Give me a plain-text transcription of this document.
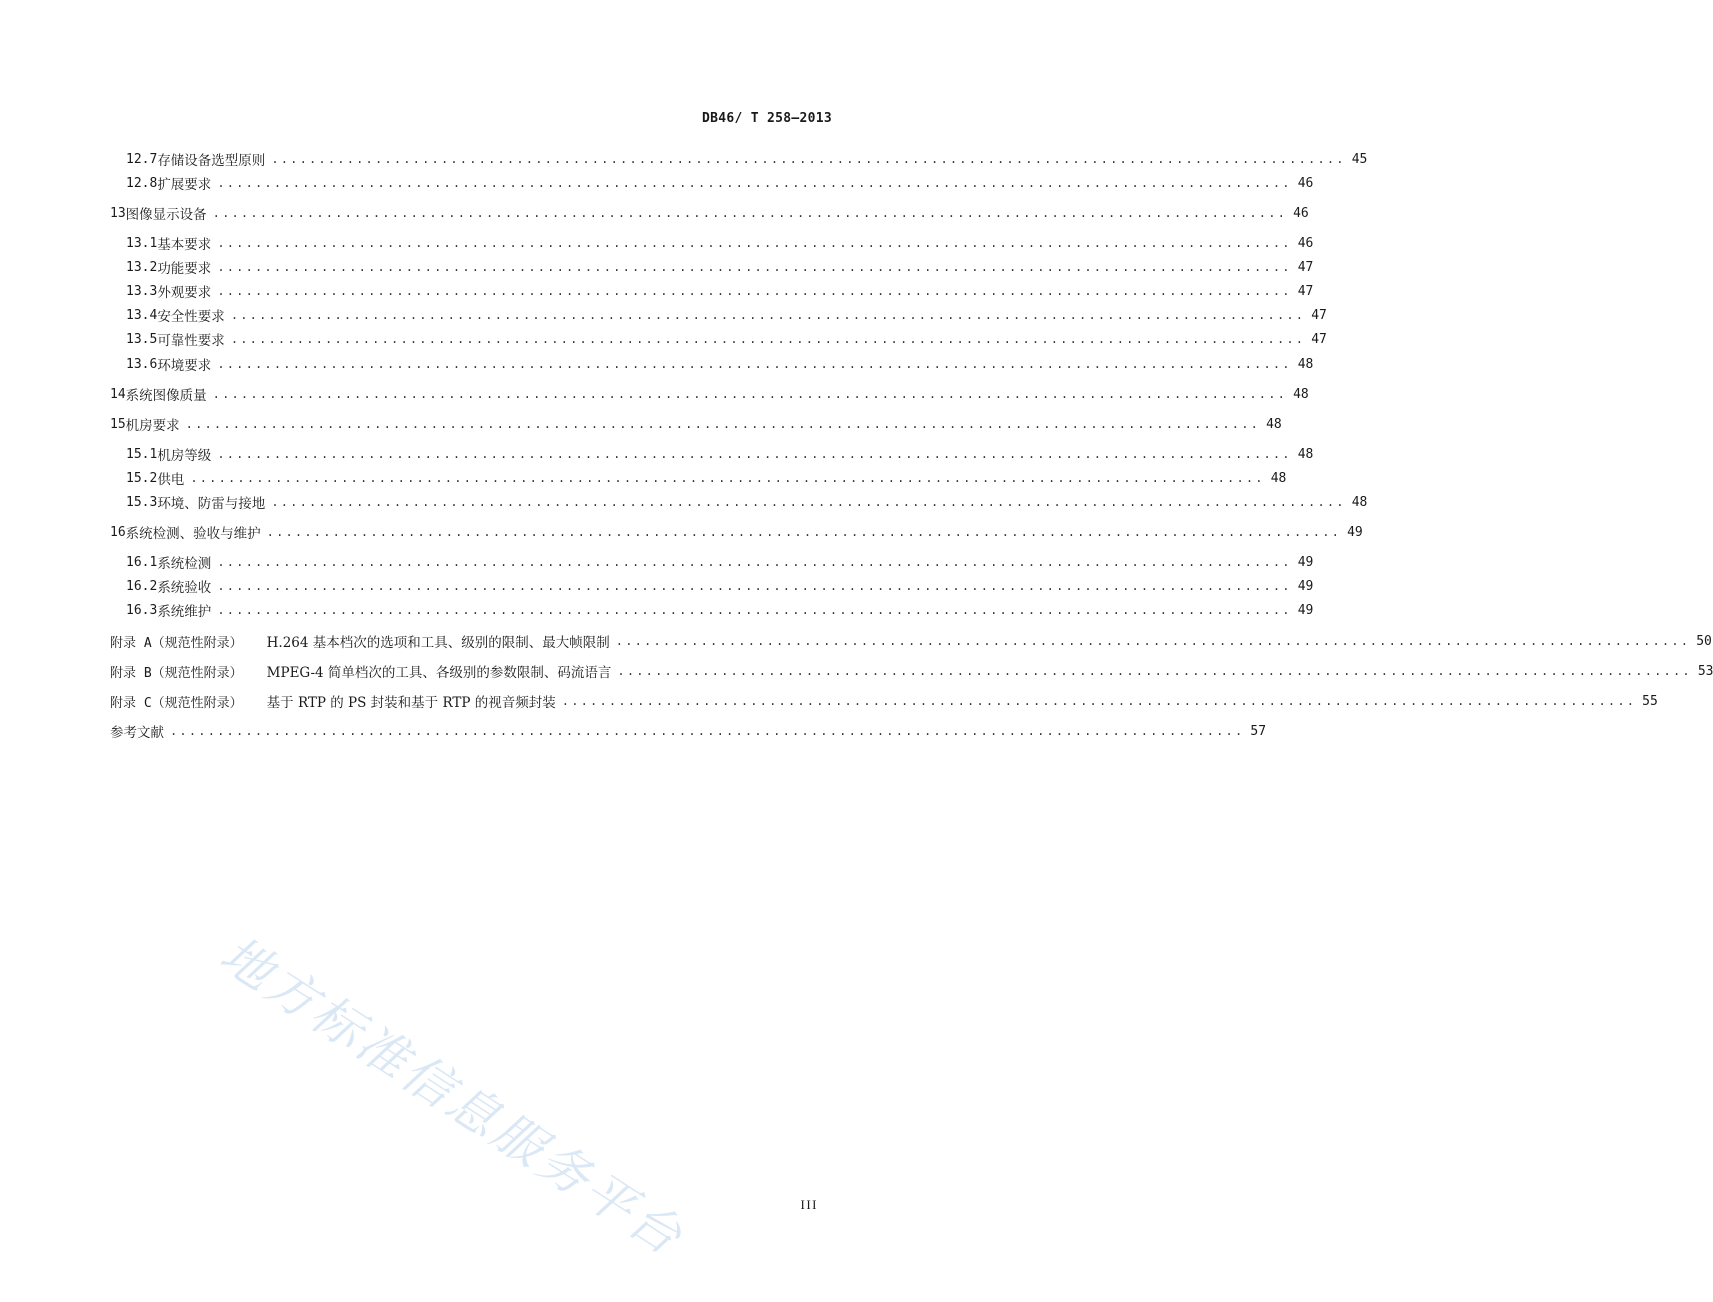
DB46/ T 258—2013
12.7 存储设备选型原则 .................................................................................................................. 45
12.8 扩展要求 .................................................................................................................. 46
13 图像显示设备 .................................................................................................................. 46
13.1 基本要求 .................................................................................................................. 46
13.2 功能要求 .................................................................................................................. 47
13.3 外观要求 .................................................................................................................. 47
13.4 安全性要求 .................................................................................................................. 47
13.5 可靠性要求 .................................................................................................................. 47
13.6 环境要求 .................................................................................................................. 48
14 系统图像质量 .................................................................................................................. 48
15 机房要求 .................................................................................................................. 48
15.1 机房等级 .................................................................................................................. 48
15.2 供电 .................................................................................................................. 48
15.3 环境、防雷与接地 .................................................................................................................. 48
16 系统检测、验收与维护 .................................................................................................................. 49
16.1 系统检测 .................................................................................................................. 49
16.2 系统验收 .................................................................................................................. 49
16.3 系统维护 .................................................................................................................. 49
附录 A（规范性附录） H.264 基本档次的选项和工具、级别的限制、最大帧限制 .................................................................................................................. 50
附录 B（规范性附录） MPEG-4 简单档次的工具、各级别的参数限制、码流语言 .................................................................................................................. 53
附录 C（规范性附录） 基于 RTP 的 PS 封装和基于 RTP 的视音频封装 .................................................................................................................. 55
参考文献 .................................................................................................................. 57
地方标准信息服务平台	III
